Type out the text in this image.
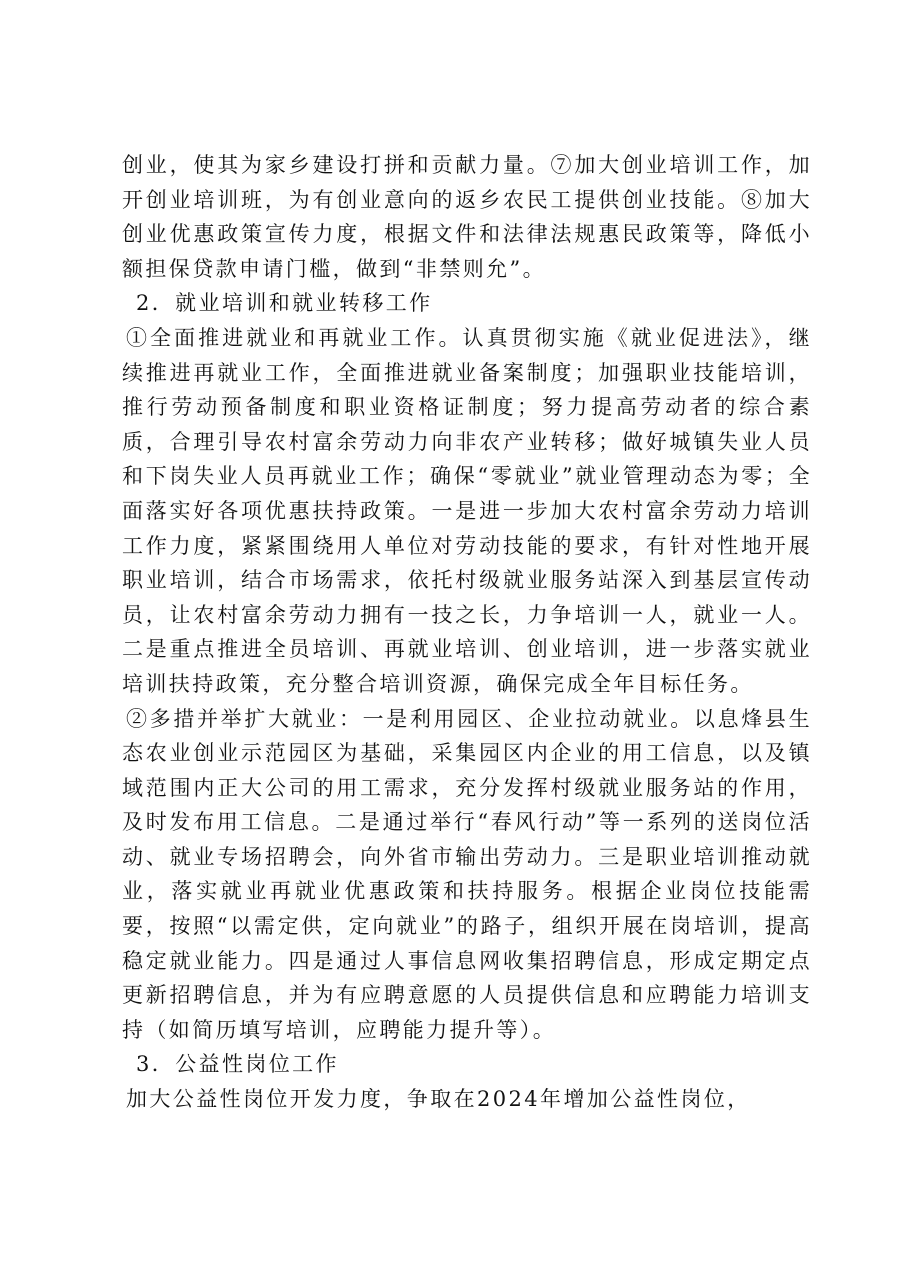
创业，使其为家乡建设打拼和贡献力量。⑦加大创业培训工作，加开创业培训班，为有创业意向的返乡农民工提供创业技能。⑧加大创业优惠政策宣传力度，根据文件和法律法规惠民政策等，降低小额担保贷款申请门槛，做到“非禁则允”。

2．就业培训和就业转移工作

①全面推进就业和再就业工作。认真贯彻实施《就业促进法》，继续推进再就业工作，全面推进就业备案制度；加强职业技能培训，推行劳动预备制度和职业资格证制度；努力提高劳动者的综合素质，合理引导农村富余劳动力向非农产业转移；做好城镇失业人员和下岗失业人员再就业工作；确保“零就业”就业管理动态为零；全面落实好各项优惠扶持政策。一是进一步加大农村富余劳动力培训工作力度，紧紧围绕用人单位对劳动技能的要求，有针对性地开展职业培训，结合市场需求，依托村级就业服务站深入到基层宣传动员，让农村富余劳动力拥有一技之长，力争培训一人，就业一人。二是重点推进全员培训、再就业培训、创业培训，进一步落实就业培训扶持政策，充分整合培训资源，确保完成全年目标任务。

②多措并举扩大就业：一是利用园区、企业拉动就业。以息烽县生态农业创业示范园区为基础，采集园区内企业的用工信息，以及镇域范围内正大公司的用工需求，充分发挥村级就业服务站的作用，及时发布用工信息。二是通过举行“春风行动”等一系列的送岗位活动、就业专场招聘会，向外省市输出劳动力。三是职业培训推动就业，落实就业再就业优惠政策和扶持服务。根据企业岗位技能需要，按照“以需定供，定向就业”的路子，组织开展在岗培训，提高稳定就业能力。四是通过人事信息网收集招聘信息，形成定期定点更新招聘信息，并为有应聘意愿的人员提供信息和应聘能力培训支持（如简历填写培训，应聘能力提升等）。

3．公益性岗位工作

加大公益性岗位开发力度，争取在2024年增加公益性岗位，
